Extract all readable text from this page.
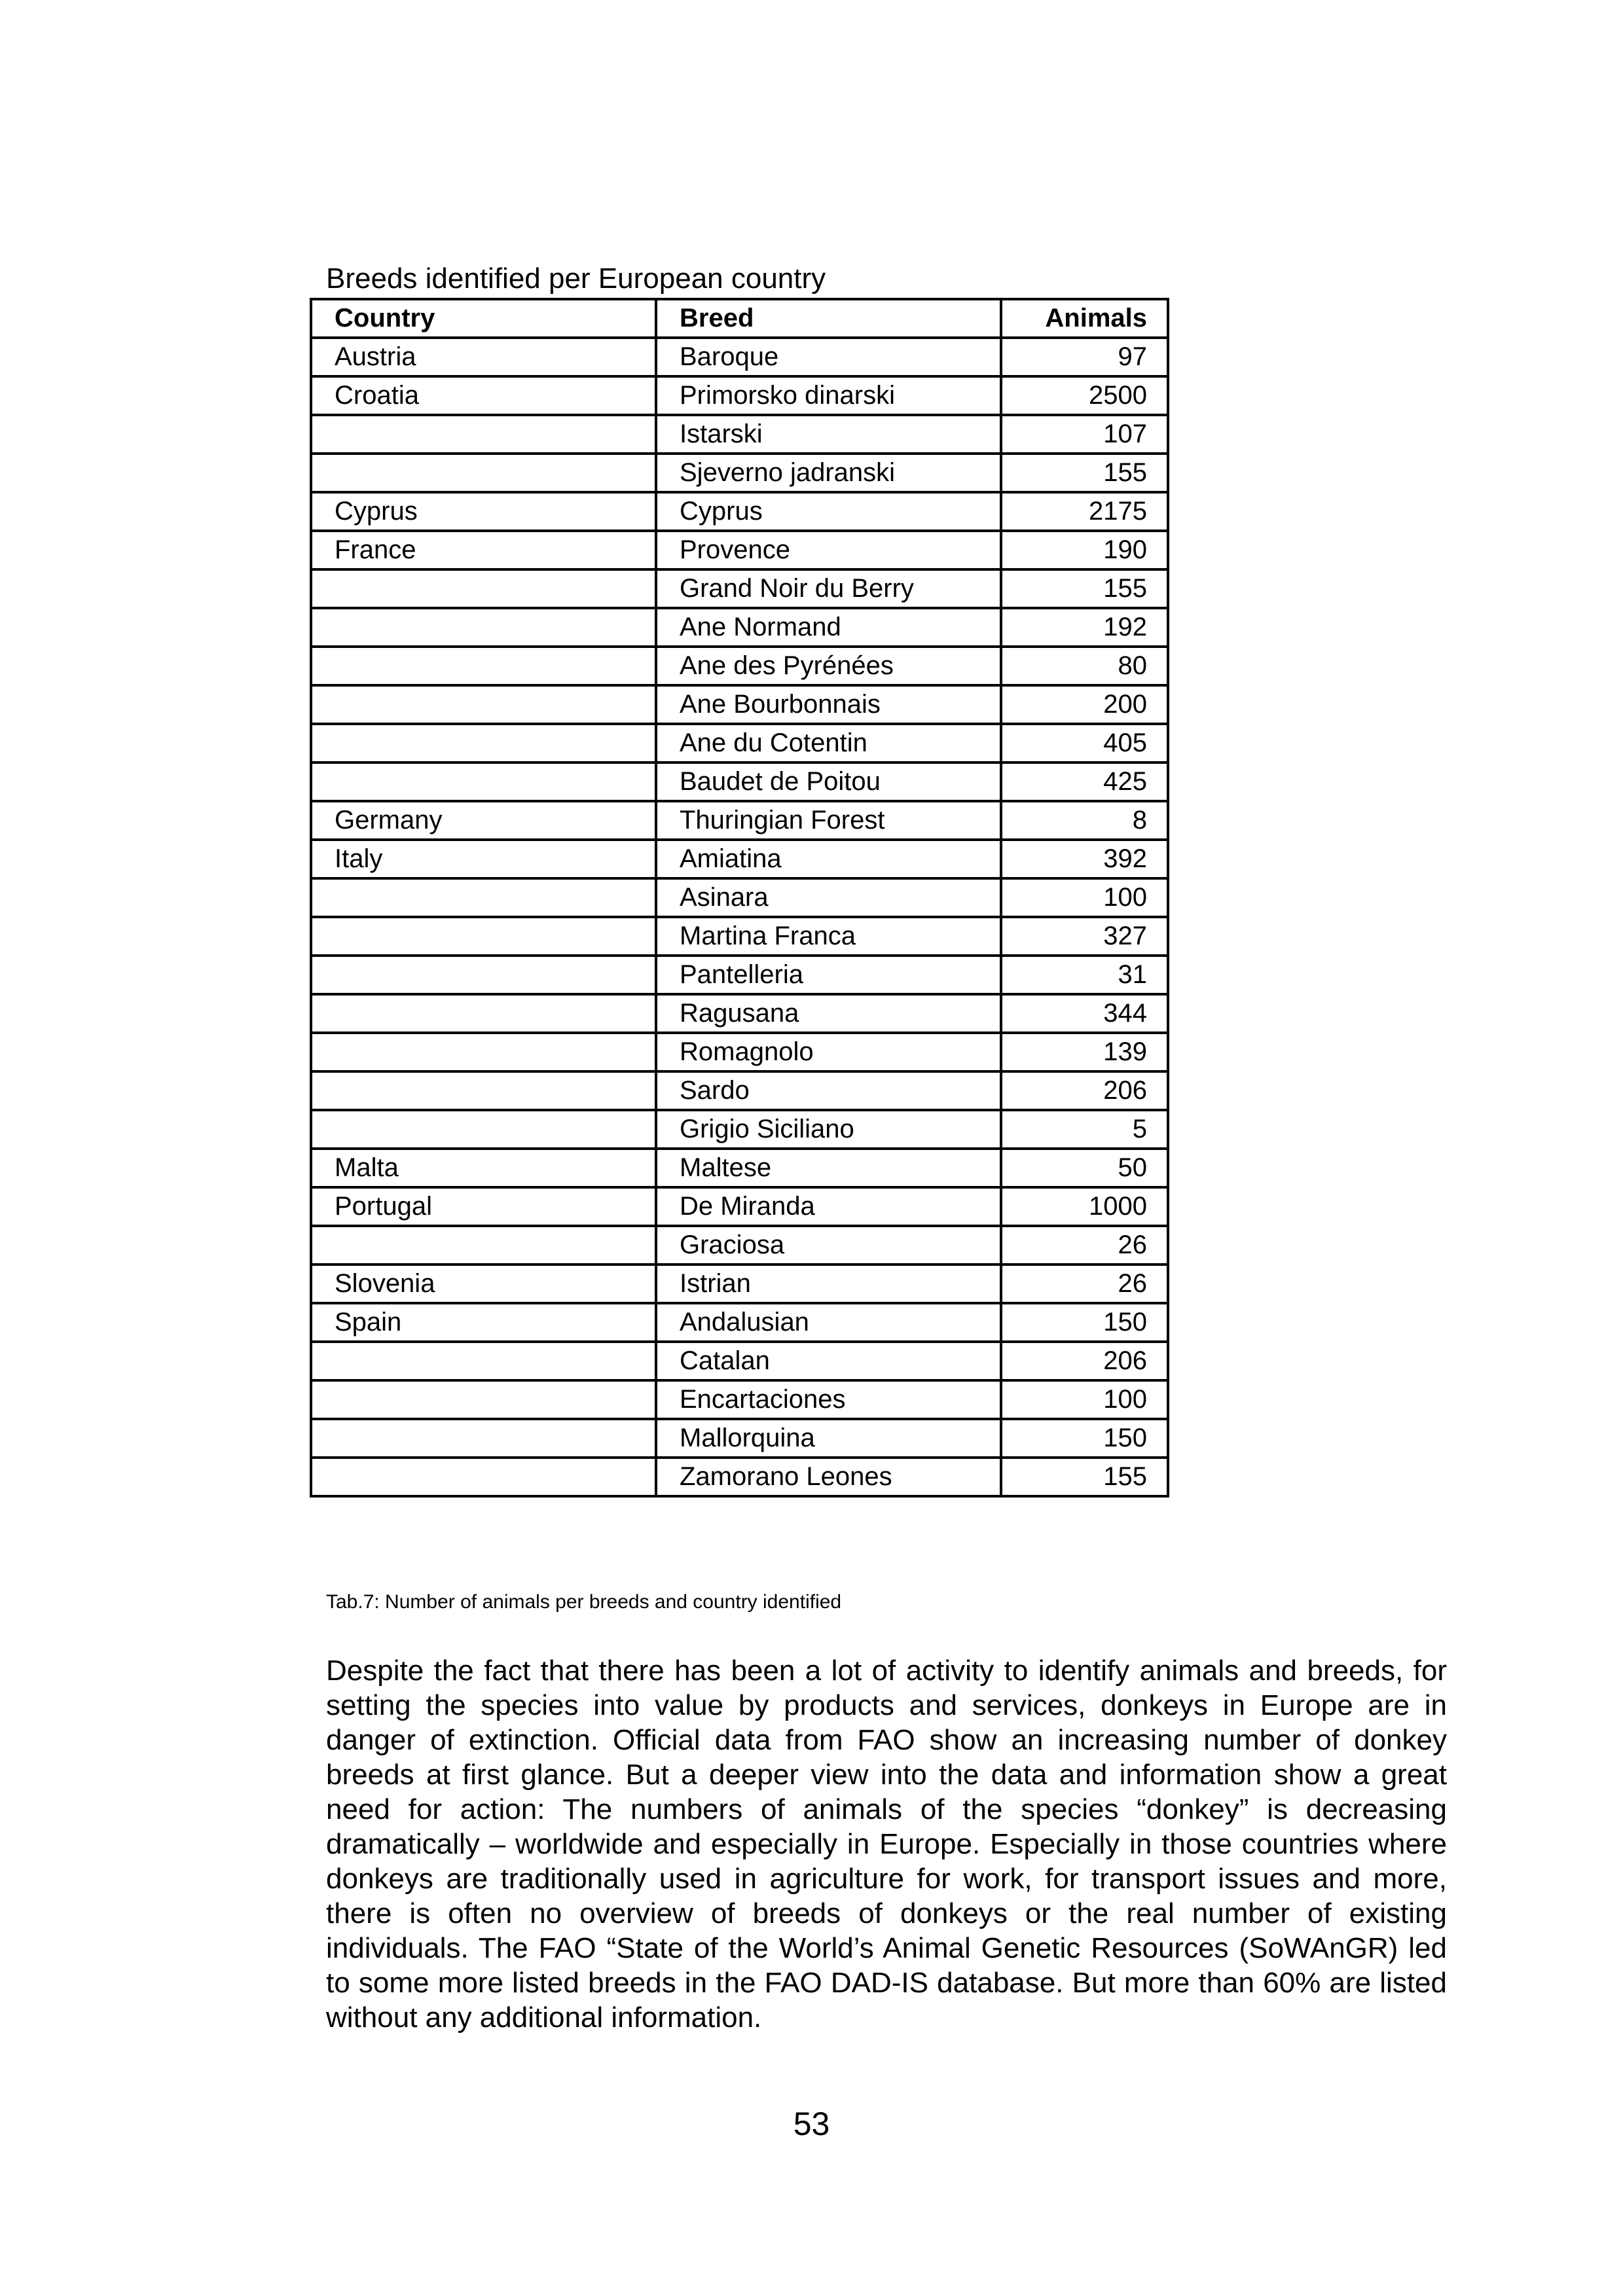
Breeds identified per European country
Country	Breed	Animals
Austria	Baroque	97
Croatia	Primorsko dinarski	2500
	Istarski	107
	Sjeverno jadranski	155
Cyprus	Cyprus	2175
France	Provence	190
	Grand Noir du Berry	155
	Ane Normand	192
	Ane des Pyrénées	80
	Ane Bourbonnais	200
	Ane du Cotentin	405
	Baudet de Poitou	425
Germany	Thuringian Forest	8
Italy	Amiatina	392
	Asinara	100
	Martina Franca	327
	Pantelleria	31
	Ragusana	344
	Romagnolo	139
	Sardo	206
	Grigio Siciliano	5
Malta	Maltese	50
Portugal	De Miranda	1000
	Graciosa	26
Slovenia	Istrian	26
Spain	Andalusian	150
	Catalan	206
	Encartaciones	100
	Mallorquina	150
	Zamorano Leones	155
Tab.7: Number of animals per breeds and country identified

Despite the fact that there has been a lot of activity to identify animals and breeds, for setting the species into value by products and services, donkeys in Europe are in danger of extinction. Official data from FAO show an increasing number of donkey breeds at first glance. But a deeper view into the data and information show a great need for action: The numbers of animals of the species “donkey” is decreasing dramatically – worldwide and especially in Europe. Especially in those countries where donkeys are traditionally used in agriculture for work, for transport issues and more, there is often no overview of breeds of donkeys or the real number of existing individuals. The FAO “State of the World’s Animal Genetic Resources (SoWAnGR) led to some more listed breeds in the FAO DAD-IS database. But more than 60% are listed without any additional information.

53
